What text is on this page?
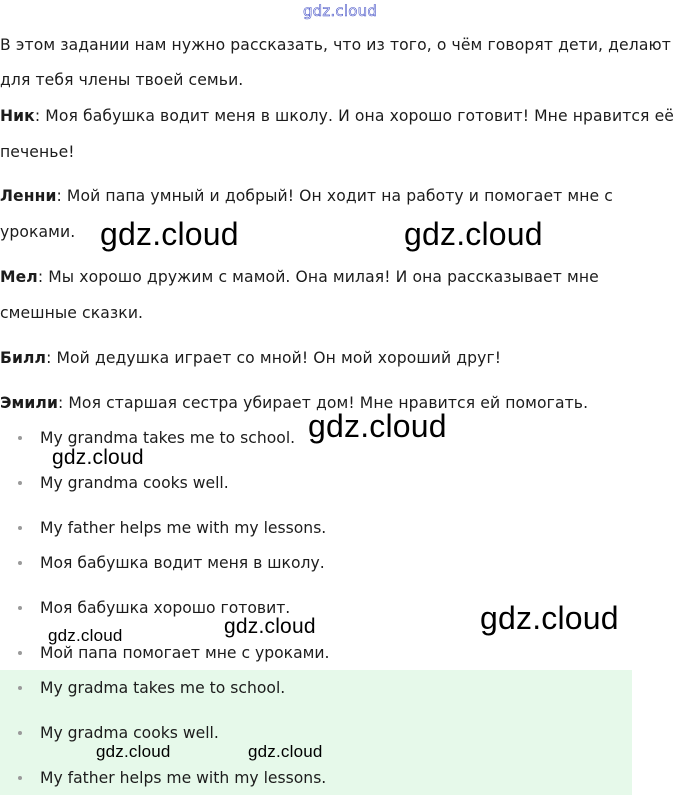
gdz.cloud

В этом задании нам нужно рассказать, что из того, о чём говорят дети, делают

для тебя члены твоей семьи.

Ник: Моя бабушка водит меня в школу. И она хорошо готовит! Мне нравится её

печенье!

Ленни: Мой папа умный и добрый! Он ходит на работу и помогает мне с

уроками.

Мел: Мы хорошо дружим с мамой. Она милая! И она рассказывает мне

смешные сказки.

Билл: Мой дедушка играет со мной! Он мой хороший друг!

Эмили: Моя старшая сестра убирает дом! Мне нравится ей помогать.

My grandma takes me to school.
My grandma cooks well.
My father helps me with my lessons.
Моя бабушка водит меня в школу.
Моя бабушка хорошо готовит.
Мой папа помогает мне с уроками.
My gradma takes me to school.
My gradma cooks well.
My father helps me with my lessons.
gdz.cloud	gdz.cloud
gdz.cloud
gdz.cloud
gdz.cloud
gdz.cloud	gdz.cloud
gdz.cloud	gdz.cloud
